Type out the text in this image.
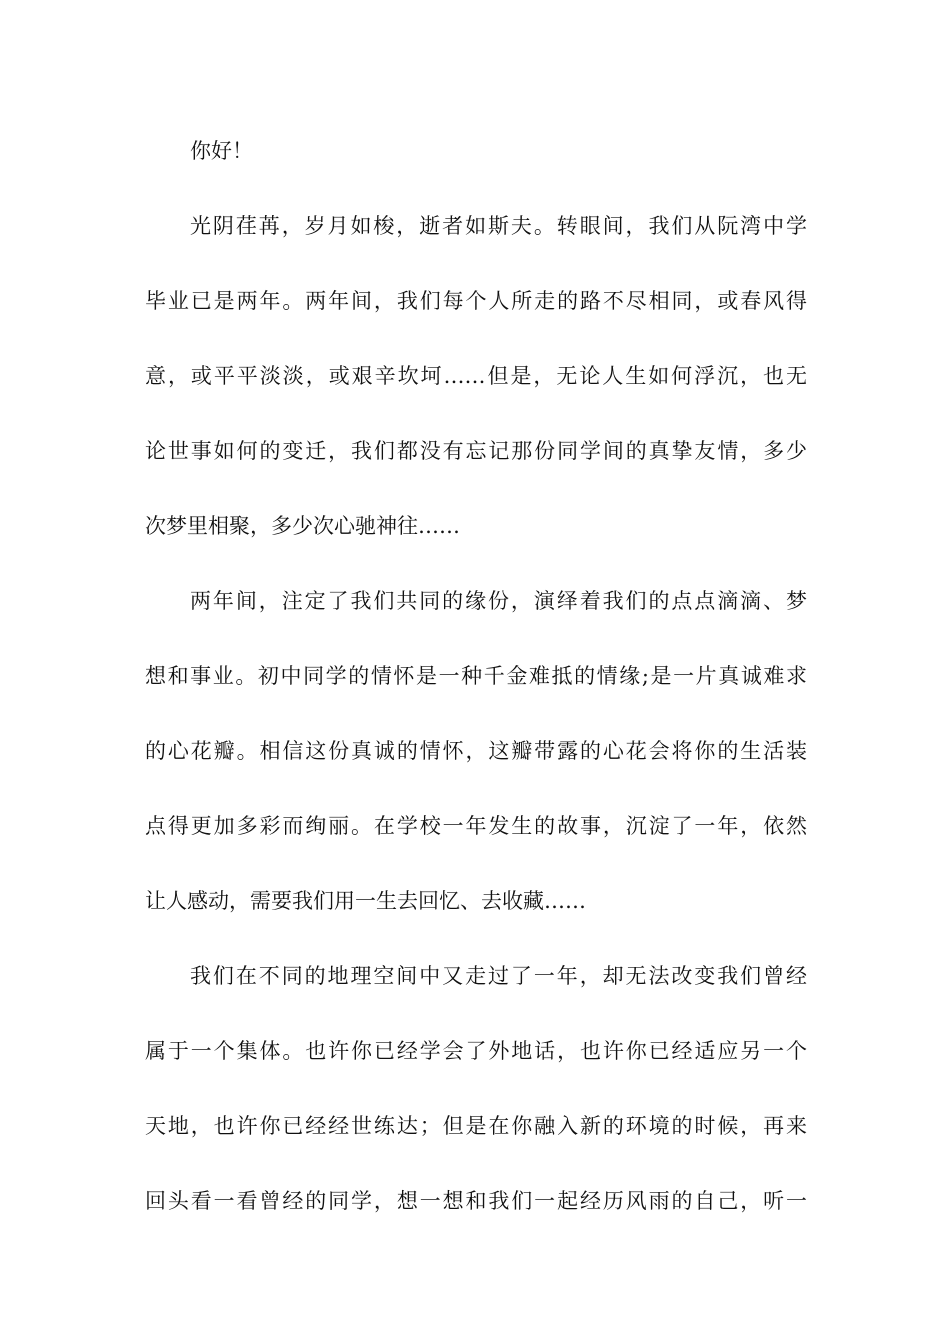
你好！
光阴荏苒，岁月如梭，逝者如斯夫。转眼间，我们从阮湾中学
毕业已是两年。两年间，我们每个人所走的路不尽相同，或春风得
意，或平平淡淡，或艰辛坎坷……但是，无论人生如何浮沉，也无
论世事如何的变迁，我们都没有忘记那份同学间的真挚友情，多少
次梦里相聚，多少次心驰神往……
两年间，注定了我们共同的缘份，演绎着我们的点点滴滴、梦
想和事业。初中同学的情怀是一种千金难抵的情缘;是一片真诚难求
的心花瓣。相信这份真诚的情怀，这瓣带露的心花会将你的生活装
点得更加多彩而绚丽。在学校一年发生的故事，沉淀了一年，依然
让人感动，需要我们用一生去回忆、去收藏……
我们在不同的地理空间中又走过了一年，却无法改变我们曾经
属于一个集体。也许你已经学会了外地话，也许你已经适应另一个
天地，也许你已经经世练达；但是在你融入新的环境的时候，再来
回头看一看曾经的同学，想一想和我们一起经历风雨的自己，听一
